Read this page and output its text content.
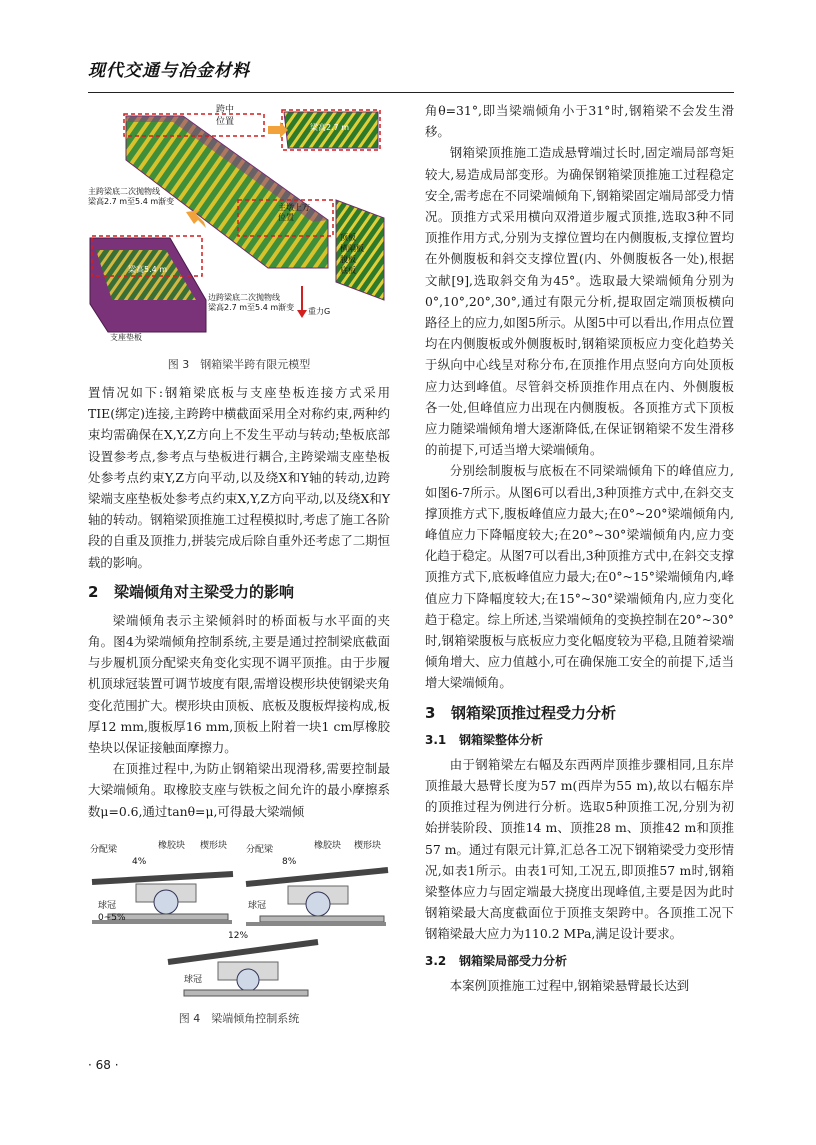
现代交通与冶金材料
跨中
位置
梁高2.7 m
主跨梁底二次抛物线
梁高2.7 m至5.4 m渐变
主墩上方
位置
顶板
横隔板
腹板
底板
梁高5.4 m
边跨梁底二次抛物线
梁高2.7 m至5.4 m渐变
支座垫板
重力G
图 3　钢箱梁半跨有限元模型

置情况如下:钢箱梁底板与支座垫板连接方式采用TIE(绑定)连接,主跨跨中横截面采用全对称约束,两种约束均需确保在X,Y,Z方向上不发生平动与转动;垫板底部设置参考点,参考点与垫板进行耦合,主跨梁端支座垫板处参考点约束Y,Z方向平动,以及绕X和Y轴的转动,边跨梁端支座垫板处参考点约束X,Y,Z方向平动,以及绕X和Y轴的转动。钢箱梁顶推施工过程模拟时,考虑了施工各阶段的自重及顶推力,拼装完成后除自重外还考虑了二期恒载的影响。

2 梁端倾角对主梁受力的影响

梁端倾角表示主梁倾斜时的桥面板与水平面的夹角。图4为梁端倾角控制系统,主要是通过控制梁底截面与步履机顶分配梁夹角变化实现不调平顶推。由于步履机顶球冠装置可调节坡度有限,需增设楔形块使钢梁夹角变化范围扩大。楔形块由顶板、底板及腹板焊接构成,板厚12 mm,腹板厚16 mm,顶板上附着一块1 cm厚橡胶垫块以保证接触面摩擦力。

在顶推过程中,为防止钢箱梁出现滑移,需要控制最大梁端倾角。取橡胶支座与铁板之间允许的最小摩擦系数μ=0.6,通过tanθ=μ,可得最大梁端倾

分配梁	橡胶块 楔形块
4%
分配梁	橡胶块 楔形块
8%
球冠
0~5%
球冠
12%
球冠
图 4　梁端倾角控制系统

角θ=31°,即当梁端倾角小于31°时,钢箱梁不会发生滑移。

钢箱梁顶推施工造成悬臂端过长时,固定端局部弯矩较大,易造成局部变形。为确保钢箱梁顶推施工过程稳定安全,需考虑在不同梁端倾角下,钢箱梁固定端局部受力情况。顶推方式采用横向双滑道步履式顶推,选取3种不同顶推作用方式,分别为支撑位置均在内侧腹板,支撑位置均在外侧腹板和斜交支撑位置(内、外侧腹板各一处),根据文献[9],选取斜交角为45°。选取最大梁端倾角分别为0°,10°,20°,30°,通过有限元分析,提取固定端顶板横向路径上的应力,如图5所示。从图5中可以看出,作用点位置均在内侧腹板或外侧腹板时,钢箱梁顶板应力变化趋势关于纵向中心线呈对称分布,在顶推作用点竖向方向处顶板应力达到峰值。尽管斜交桥顶推作用点在内、外侧腹板各一处,但峰值应力出现在内侧腹板。各顶推方式下顶板应力随梁端倾角增大逐渐降低,在保证钢箱梁不发生滑移的前提下,可适当增大梁端倾角。

分别绘制腹板与底板在不同梁端倾角下的峰值应力,如图6-7所示。从图6可以看出,3种顶推方式中,在斜交支撑顶推方式下,腹板峰值应力最大;在0°~20°梁端倾角内,峰值应力下降幅度较大;在20°~30°梁端倾角内,应力变化趋于稳定。从图7可以看出,3种顶推方式中,在斜交支撑顶推方式下,底板峰值应力最大;在0°~15°梁端倾角内,峰值应力下降幅度较大;在15°~30°梁端倾角内,应力变化趋于稳定。综上所述,当梁端倾角的变换控制在20°~30°时,钢箱梁腹板与底板应力变化幅度较为平稳,且随着梁端倾角增大、应力值越小,可在确保施工安全的前提下,适当增大梁端倾角。

3 钢箱梁顶推过程受力分析
3.1 钢箱梁整体分析

由于钢箱梁左右幅及东西两岸顶推步骤相同,且东岸顶推最大悬臂长度为57 m(西岸为55 m),故以右幅东岸的顶推过程为例进行分析。选取5种顶推工况,分别为初始拼装阶段、顶推14 m、顶推28 m、顶推42 m和顶推57 m。通过有限元计算,汇总各工况下钢箱梁受力变形情况,如表1所示。由表1可知,工况五,即顶推57 m时,钢箱梁整体应力与固定端最大挠度出现峰值,主要是因为此时钢箱梁最大高度截面位于顶推支架跨中。各顶推工况下钢箱梁最大应力为110.2 MPa,满足设计要求。

3.2 钢箱梁局部受力分析

本案例顶推施工过程中,钢箱梁悬臂最长达到

· 68 ·
